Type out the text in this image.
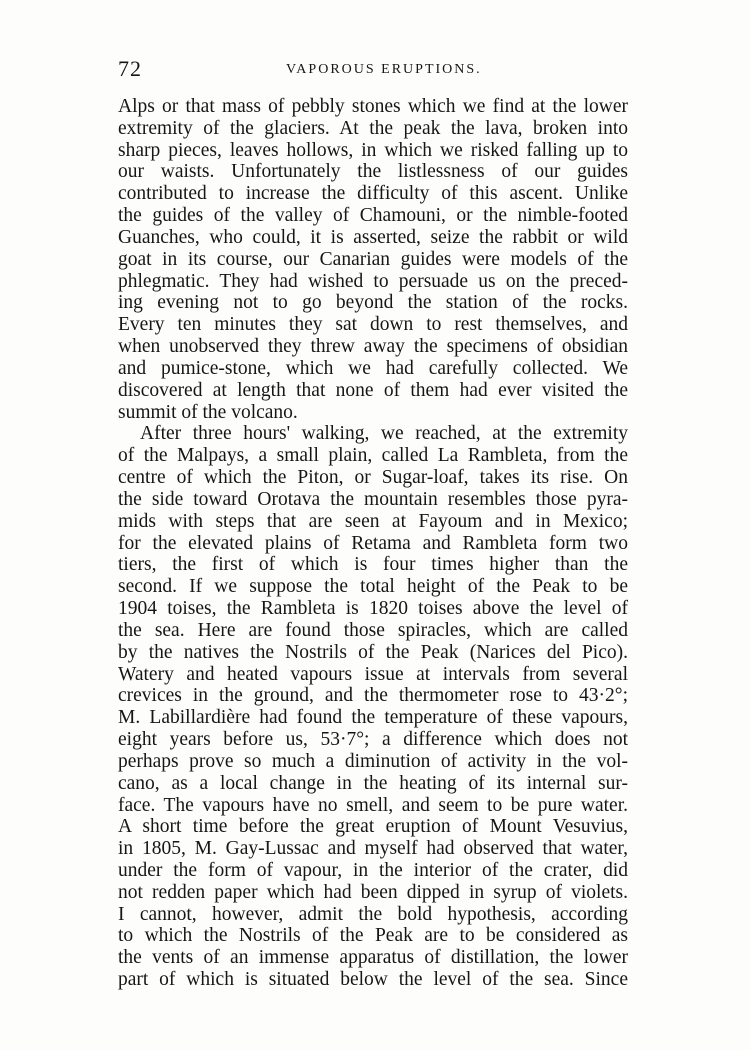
72	VAPOROUS ERUPTIONS.
Alps or that mass of pebbly stones which we find at the lower
extremity of the glaciers. At the peak the lava, broken into
sharp pieces, leaves hollows, in which we risked falling up to
our waists. Unfortunately the listlessness of our guides
contributed to increase the difficulty of this ascent. Unlike
the guides of the valley of Chamouni, or the nimble-footed
Guanches, who could, it is asserted, seize the rabbit or wild
goat in its course, our Canarian guides were models of the
phlegmatic. They had wished to persuade us on the preced-
ing evening not to go beyond the station of the rocks.
Every ten minutes they sat down to rest themselves, and
when unobserved they threw away the specimens of obsidian
and pumice-stone, which we had carefully collected. We
discovered at length that none of them had ever visited the
summit of the volcano.
After three hours' walking, we reached, at the extremity
of the Malpays, a small plain, called La Rambleta, from the
centre of which the Piton, or Sugar-loaf, takes its rise. On
the side toward Orotava the mountain resembles those pyra-
mids with steps that are seen at Fayoum and in Mexico;
for the elevated plains of Retama and Rambleta form two
tiers, the first of which is four times higher than the
second. If we suppose the total height of the Peak to be
1904 toises, the Rambleta is 1820 toises above the level of
the sea. Here are found those spiracles, which are called
by the natives the Nostrils of the Peak (Narices del Pico).
Watery and heated vapours issue at intervals from several
crevices in the ground, and the thermometer rose to 43·2°;
M. Labillardière had found the temperature of these vapours,
eight years before us, 53·7°; a difference which does not
perhaps prove so much a diminution of activity in the vol-
cano, as a local change in the heating of its internal sur-
face. The vapours have no smell, and seem to be pure water.
A short time before the great eruption of Mount Vesuvius,
in 1805, M. Gay-Lussac and myself had observed that water,
under the form of vapour, in the interior of the crater, did
not redden paper which had been dipped in syrup of violets.
I cannot, however, admit the bold hypothesis, according
to which the Nostrils of the Peak are to be considered as
the vents of an immense apparatus of distillation, the lower
part of which is situated below the level of the sea. Since
